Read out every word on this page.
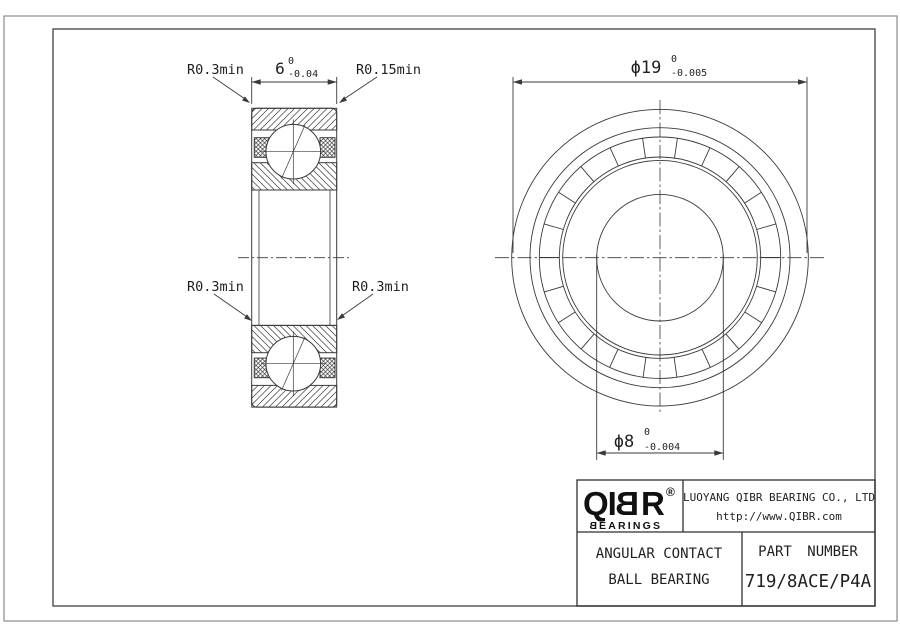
6 0
-0.04	ϕ19 0
-0.005
ϕ8 0
-0.004
R0.3min	R0.15min
R0.3min	R0.3min
QI B R ®
B EARINGS
LUOYANG QIBR BEARING CO., LTD
http://www.QIBR.com
ANGULAR CONTACT
BALL BEARING
PART NUMBER
719/8ACE/P4A
